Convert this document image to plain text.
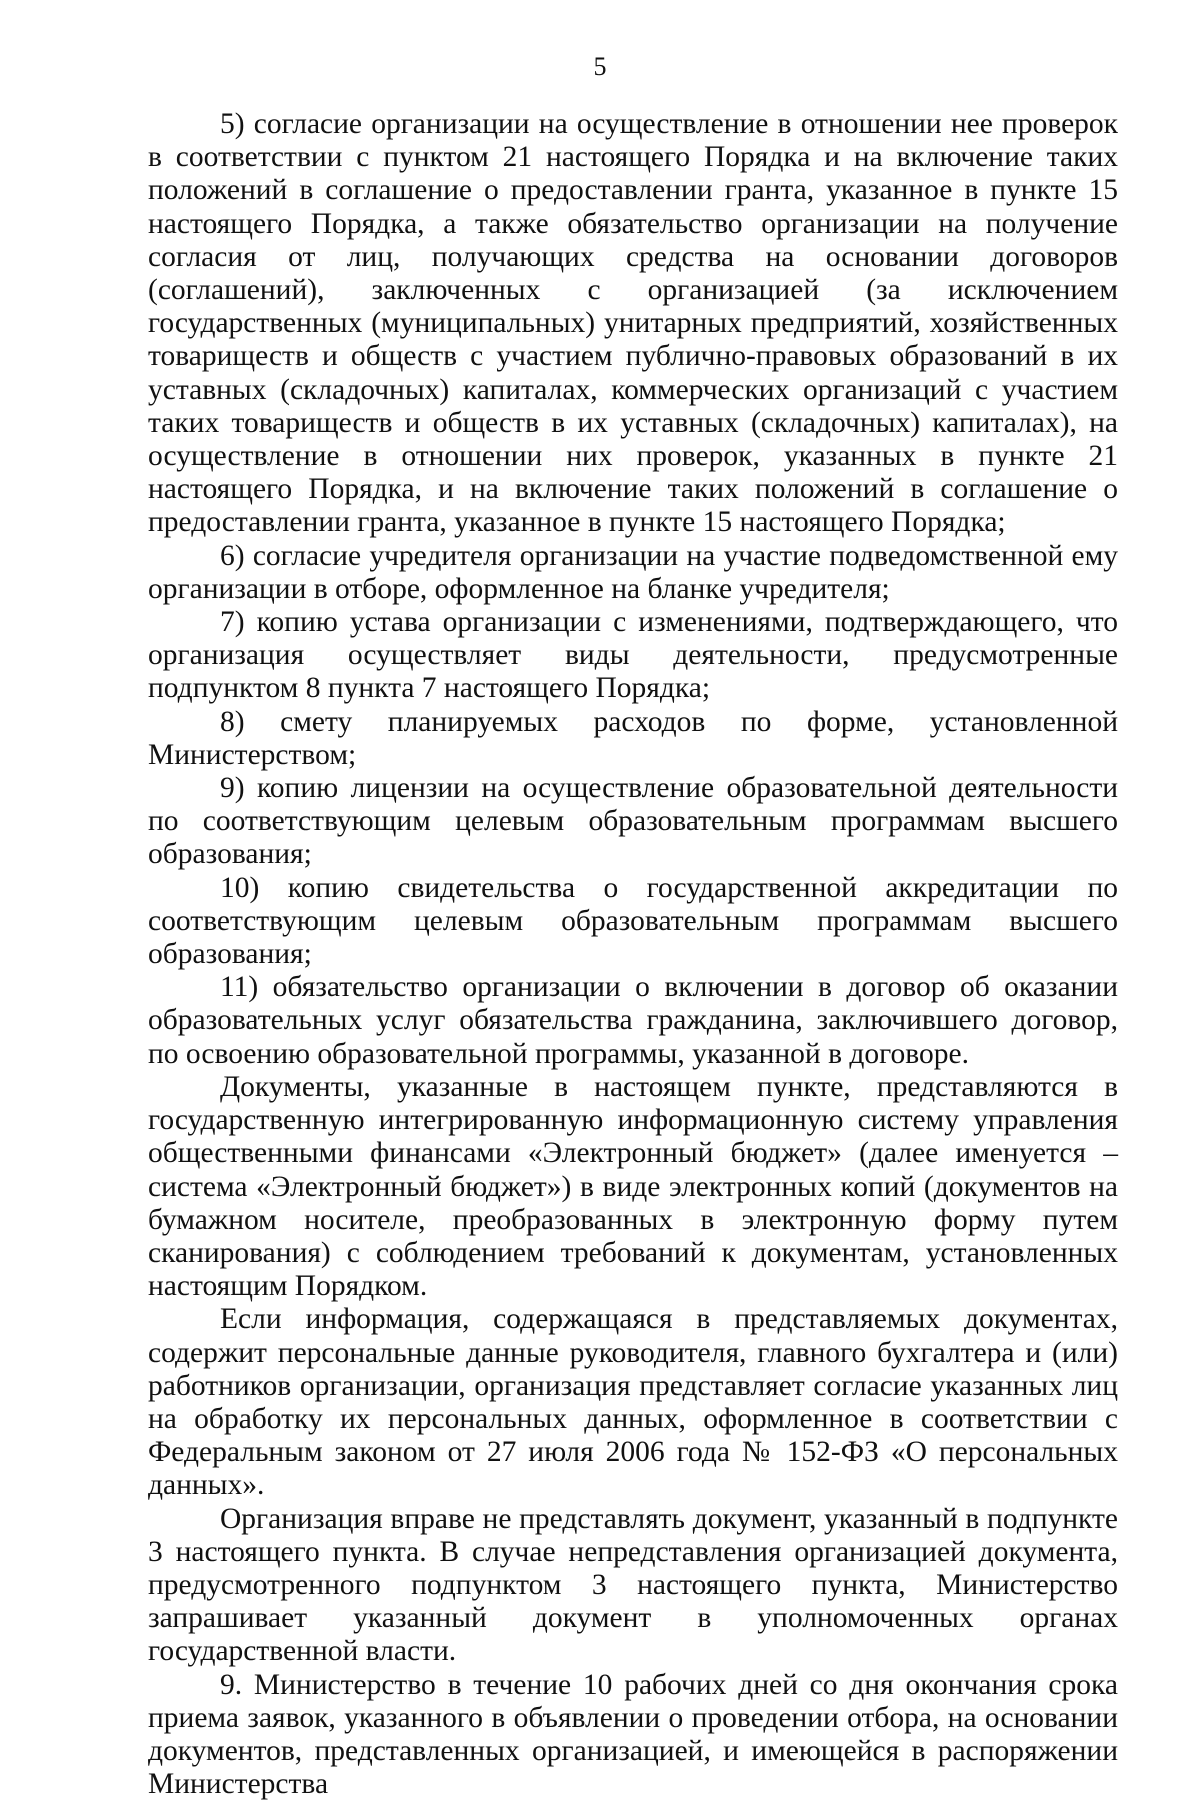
5

5) согласие организации на осуществление в отношении нее проверок в соответствии с пунктом 21 настоящего Порядка и на включение таких положений в соглашение о предоставлении гранта, указанное в пункте 15 настоящего Порядка, а также обязательство организации на получение согласия от лиц, получающих средства на основании договоров (соглашений), заключенных с организацией (за исключением государственных (муниципальных) унитарных предприятий, хозяйственных товариществ и обществ с участием публично-правовых образований в их уставных (складочных) капиталах, коммерческих организаций с участием таких товариществ и обществ в их уставных (складочных) капиталах), на осуществление в отношении них проверок, указанных в пункте 21 настоящего Порядка, и на включение таких положений в соглашение о предоставлении гранта, указанное в пункте 15 настоящего Порядка;

6) согласие учредителя организации на участие подведомственной ему организации в отборе, оформленное на бланке учредителя;

7) копию устава организации с изменениями, подтверждающего, что организация осуществляет виды деятельности, предусмотренные подпунктом 8 пункта 7 настоящего Порядка;

8) смету планируемых расходов по форме, установленной Министерством;

9) копию лицензии на осуществление образовательной деятельности по соответствующим целевым образовательным программам высшего образования;

10) копию свидетельства о государственной аккредитации по соответствующим целевым образовательным программам высшего образования;

11) обязательство организации о включении в договор об оказании образовательных услуг обязательства гражданина, заключившего договор, по освоению образовательной программы, указанной в договоре.

Документы, указанные в настоящем пункте, представляются в государственную интегрированную информационную систему управления общественными финансами «Электронный бюджет» (далее именуется – система «Электронный бюджет») в виде электронных копий (документов на бумажном носителе, преобразованных в электронную форму путем сканирования) с соблюдением требований к документам, установленных настоящим Порядком.

Если информация, содержащаяся в представляемых документах, содержит персональные данные руководителя, главного бухгалтера и (или) работников организации, организация представляет согласие указанных лиц на обработку их персональных данных, оформленное в соответствии с Федеральным законом от 27 июля 2006 года № 152-ФЗ «О персональных данных».

Организация вправе не представлять документ, указанный в подпункте 3 настоящего пункта. В случае непредставления организацией документа, предусмотренного подпунктом 3 настоящего пункта, Министерство запрашивает указанный документ в уполномоченных органах государственной власти.

9. Министерство в течение 10 рабочих дней со дня окончания срока приема заявок, указанного в объявлении о проведении отбора, на основании документов, представленных организацией, и имеющейся в распоряжении Министерства
